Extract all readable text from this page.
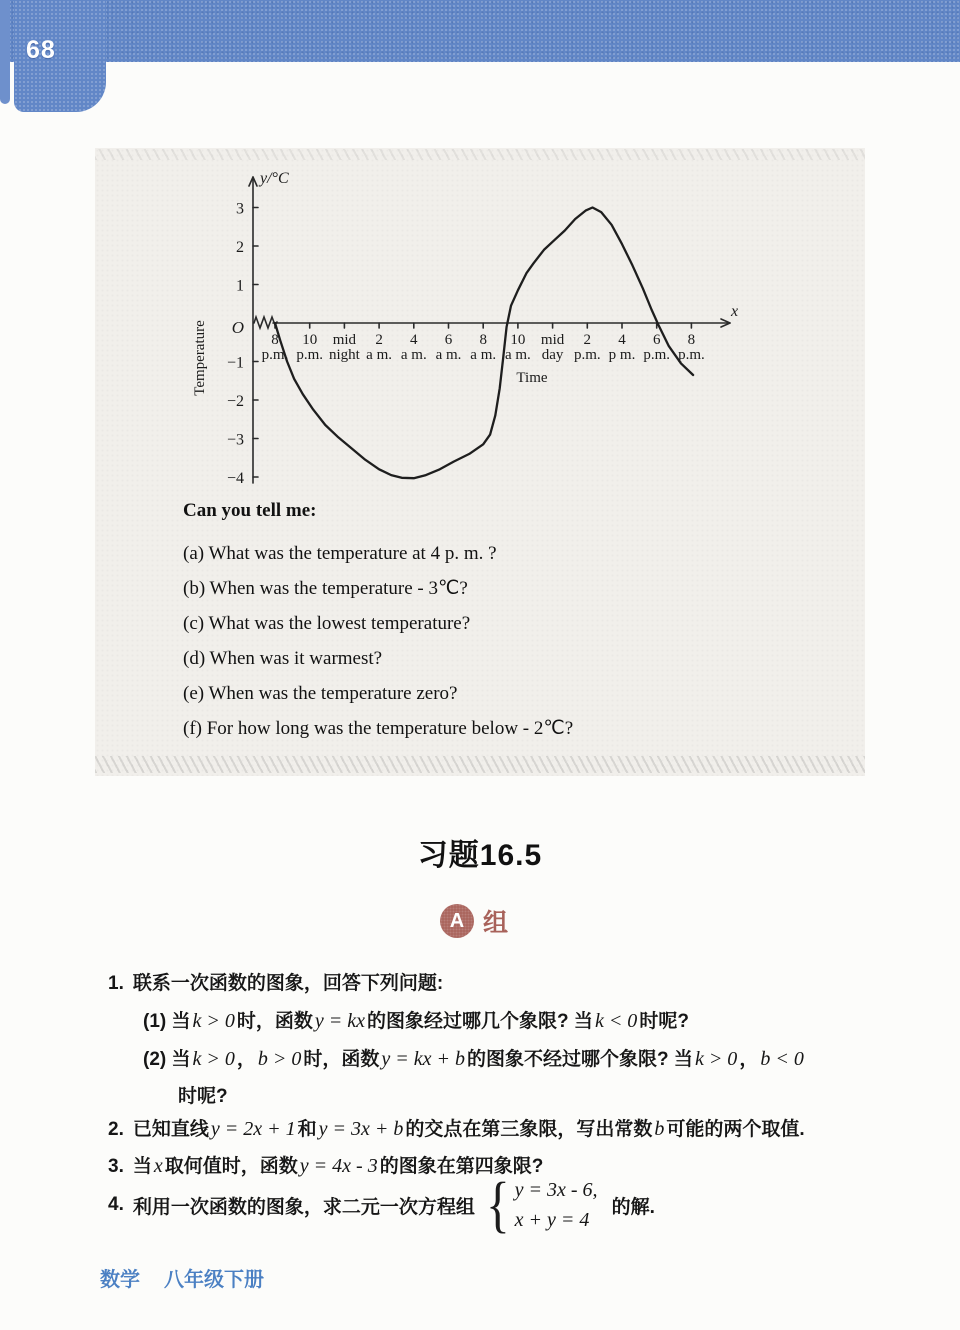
68
3
2
1
−1
−2
−3
−4
O
8 p.m.
10 p.m.
mid night
2 a m.
4 a m.
6 a m.
8 a m.
10 a m.
mid day
2 p.m.
4 p m.
6 p.m.
8 p.m.
x
y/°C
Time
Temperature
Can you tell me:
(a) What was the temperature at 4 p. m. ?
(b) When was the temperature - 3℃?
(c) What was the lowest temperature?
(d) When was it warmest?
(e) When was the temperature zero?
(f) For how long was the temperature below - 2℃?
习题16.5
A 组
1. 联系一次函数的图象，回答下列问题:
(1) 当 k > 0 时，函数 y = kx 的图象经过哪几个象限? 当 k < 0 时呢?
(2) 当 k > 0 ， b > 0 时，函数 y = kx + b 的图象不经过哪个象限? 当 k > 0 ， b < 0
时呢?
2. 已知直线 y = 2x + 1 和 y = 3x + b 的交点在第三象限，写出常数 b 可能的两个取值.
3. 当 x 取何值时，函数 y = 4x - 3 的图象在第四象限?
4. 利用一次函数的图象，求二元一次方程组 { y = 3x - 6,
x + y = 4
的解.
数学 八年级下册
